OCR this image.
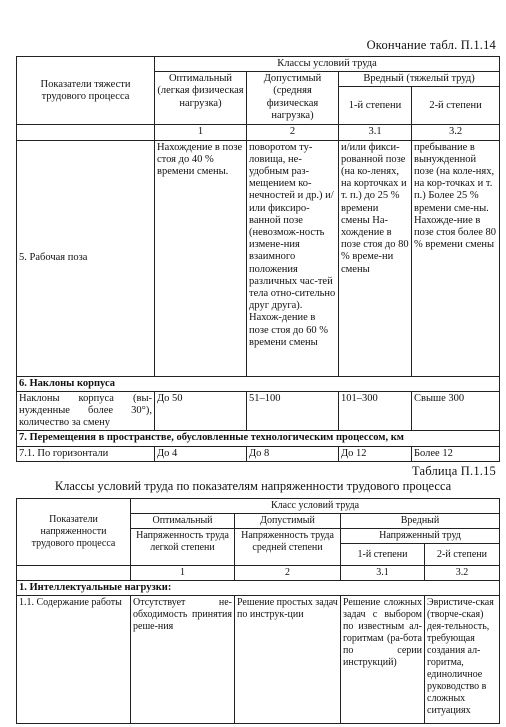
Окончание табл. П.1.14
Показатели тяжести трудового процесса	Классы условий труда			
	Оптимальный (легкая физическая нагрузка)	Допустимый (средняя физическая нагрузка)	Вредный (тяжелый труд)	
			1-й степени	2-й степени
	1	2	3.1	3.2
5. Рабочая поза	Нахождение в позе стоя до 40 % времени смены.	поворотом ту-ловища, не-удобным раз-мещением ко-нечностей и др.) и/или фиксиро-ванной позе (невозмож-ность измене-ния взаимного положения различных час-тей тела отно-сительно друг друга). Нахож-дение в позе стоя до 60 % времени смены	и/или фикси-рованной позе (на ко-ленях, на корточках и т. п.) до 25 % времени смены На-хождение в позе стоя до 80 % време-ни смены	пребывание в вынужденной позе (на коле-нях, на кор-точках и т. п.) Более 25 % времени сме-ны. Нахожде-ние в позе стоя более 80 % времени смены
6. Наклоны корпуса				
Наклоны корпуса (вы-нужденные более 30°), количество за смену	До 50	51–100	101–300	Свыше 300
7. Перемещения в пространстве, обусловленные технологическим процессом, км				
7.1. По горизонтали	До 4	До 8	До 12	Более 12
Таблица П.1.15
Классы условий труда по показателям напряженности трудового процесса
Показатели напряженности трудового процесса	Класс условий труда			
	Оптимальный	Допустимый	Вредный	
	Напряженность труда легкой степени	Напряженность труда средней степени	Напряженный труд	
			1-й степени	2-й степени
	1	2	3.1	3.2
1. Интеллектуальные нагрузки:				
1.1. Содержание работы	Отсутствует не-обходимость принятия реше-ния	Решение простых задач по инструк-ции	Решение сложных задач с выбором по известным ал-горитмам (ра-бота по серии инструкций)	Эвристиче-ская (творче-ская) дея-тельность, требующая создания ал-горитма, единоличное руководство в сложных ситуациях
